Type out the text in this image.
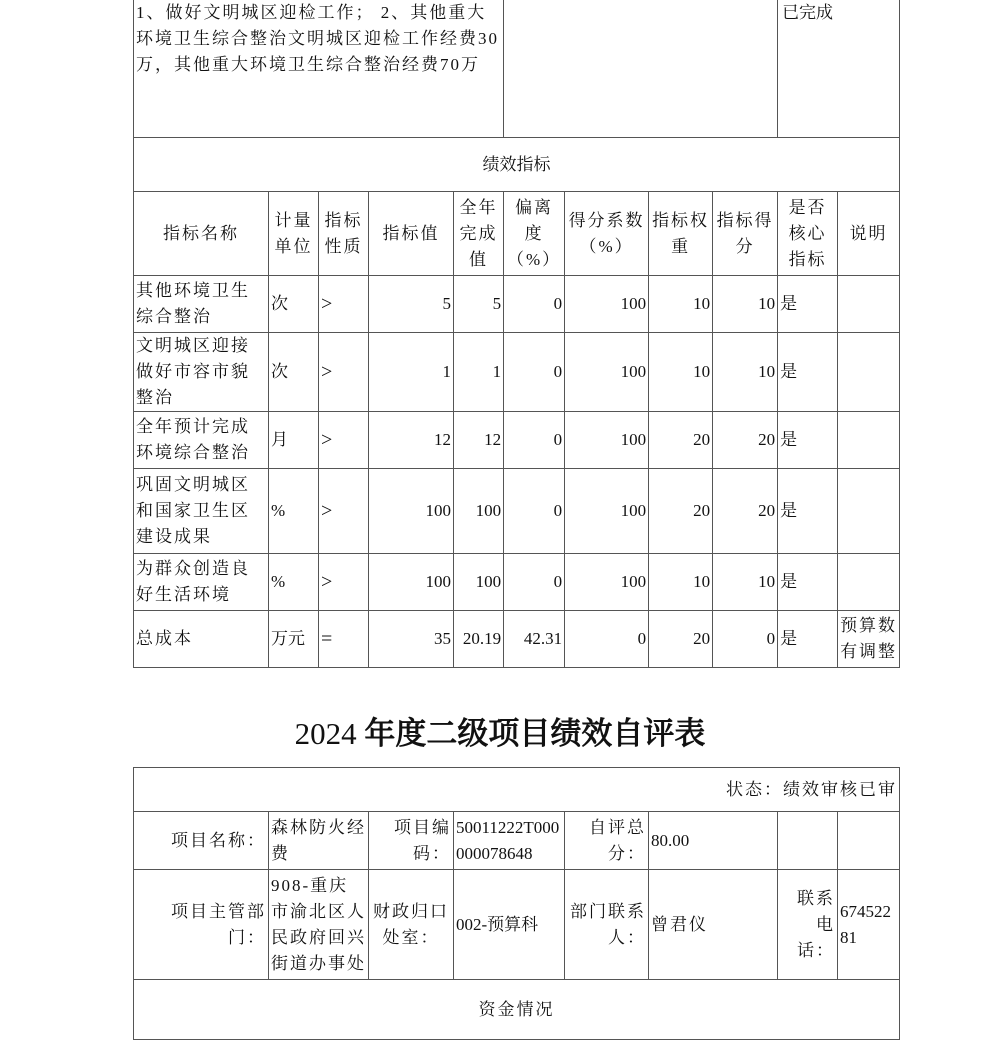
1、做好文明城区迎检工作； 2、其他重大环境卫生综合整治文明城区迎检工作经费30万，其他重大环境卫生综合整治经费70万									已完成	
绩效指标										
指标名称	计量单位	指标性质	指标值	全年完成值	偏离度（%）	得分系数（%）	指标权重	指标得分	是否核心指标	说明
其他环境卫生综合整治	次	>	5	5	0	100	10	10	是	
文明城区迎接做好市容市貌整治	次	>	1	1	0	100	10	10	是	
全年预计完成环境综合整治	月	>	12	12	0	100	20	20	是	
巩固文明城区和国家卫生区建设成果	%	>	100	100	0	100	20	20	是	
为群众创造良好生活环境	%	>	100	100	0	100	10	10	是	
总成本	万元	=	35	20.19	42.31	0	20	0	是	预算数有调整
2024 年度二级项目绩效自评表
状态：绩效审核已审							
项目名称：	森林防火经费	项目编码：	50011222T000000078648	自评总分：	80.00		
项目主管部门：	908-重庆市渝北区人民政府回兴街道办事处	财政归口处室：	002-预算科	部门联系人：	曾君仪	联系电话：	67452281
资金情况							
